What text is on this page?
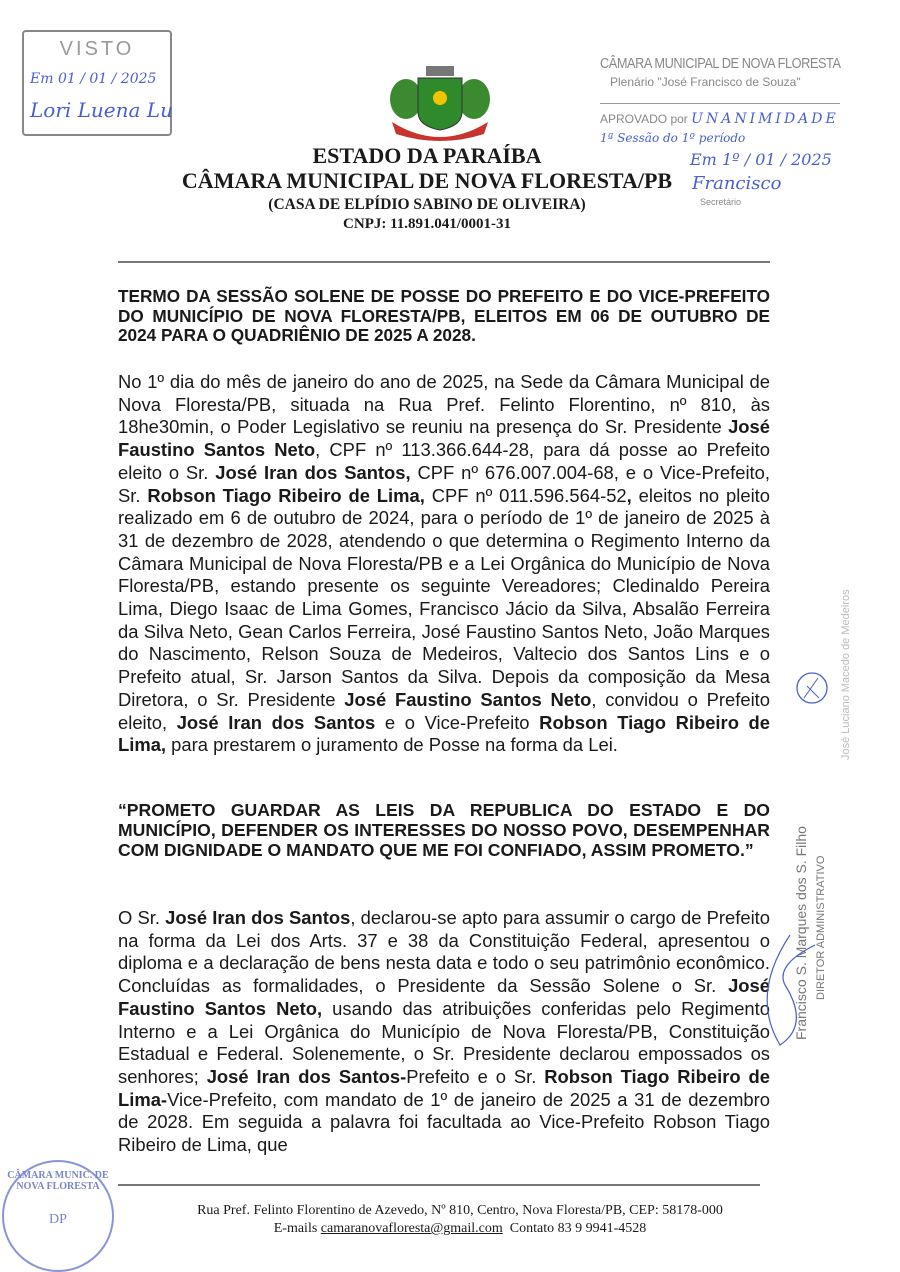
VISTO
Em 01 / 01 / 2025
Lori Luena Lu
ESTADO DA PARAÍBA
CÂMARA MUNICIPAL DE NOVA FLORESTA/PB
(CASA DE ELPÍDIO SABINO DE OLIVEIRA)
CNPJ: 11.891.041/0001-31
CÂMARA MUNICIPAL DE NOVA FLORESTA
Plenário "José Francisco de Souza"
APROVADO por UNANIMIDADE
1ª Sessão do 1º período
Em 1º / 01 / 2025
Francisco
Secretário
TERMO DA SESSÃO SOLENE DE POSSE DO PREFEITO E DO VICE-PREFEITO DO MUNICÍPIO DE NOVA FLORESTA/PB, ELEITOS EM 06 DE OUTUBRO DE 2024 PARA O QUADRIÊNIO DE 2025 A 2028.
No 1º dia do mês de janeiro do ano de 2025, na Sede da Câmara Municipal de Nova Floresta/PB, situada na Rua Pref. Felinto Florentino, nº 810, às 18he30min, o Poder Legislativo se reuniu na presença do Sr. Presidente José Faustino Santos Neto, CPF nº 113.366.644-28, para dá posse ao Prefeito eleito o Sr. José Iran dos Santos, CPF nº 676.007.004-68, e o Vice-Prefeito, Sr. Robson Tiago Ribeiro de Lima, CPF nº 011.596.564-52, eleitos no pleito realizado em 6 de outubro de 2024, para o período de 1º de janeiro de 2025 à 31 de dezembro de 2028, atendendo o que determina o Regimento Interno da Câmara Municipal de Nova Floresta/PB e a Lei Orgânica do Município de Nova Floresta/PB, estando presente os seguinte Vereadores; Cledinaldo Pereira Lima, Diego Isaac de Lima Gomes, Francisco Jácio da Silva, Absalão Ferreira da Silva Neto, Gean Carlos Ferreira, José Faustino Santos Neto, João Marques do Nascimento, Relson Souza de Medeiros, Valtecio dos Santos Lins e o Prefeito atual, Sr. Jarson Santos da Silva. Depois da composição da Mesa Diretora, o Sr. Presidente José Faustino Santos Neto, convidou o Prefeito eleito, José Iran dos Santos e o Vice-Prefeito Robson Tiago Ribeiro de Lima, para prestarem o juramento de Posse na forma da Lei.
“PROMETO GUARDAR AS LEIS DA REPUBLICA DO ESTADO E DO MUNICÍPIO, DEFENDER OS INTERESSES DO NOSSO POVO, DESEMPENHAR COM DIGNIDADE O MANDATO QUE ME FOI CONFIADO, ASSIM PROMETO.”
O Sr. José Iran dos Santos, declarou-se apto para assumir o cargo de Prefeito na forma da Lei dos Arts. 37 e 38 da Constituição Federal, apresentou o diploma e a declaração de bens nesta data e todo o seu patrimônio econômico. Concluídas as formalidades, o Presidente da Sessão Solene o Sr. José Faustino Santos Neto, usando das atribuições conferidas pelo Regimento Interno e a Lei Orgânica do Município de Nova Floresta/PB, Constituição Estadual e Federal. Solenemente, o Sr. Presidente declarou empossados os senhores; José Iran dos Santos-Prefeito e o Sr. Robson Tiago Ribeiro de Lima-Vice-Prefeito, com mandato de 1º de janeiro de 2025 a 31 de dezembro de 2028. Em seguida a palavra foi facultada ao Vice-Prefeito Robson Tiago Ribeiro de Lima, que
Francisco S. Marques dos S. Filho DIRETOR ADMINISTRATIVO
José Luciano Macedo de Medeiros
CÂMARA MUNIC. DE NOVA FLORESTA
DP
Rua Pref. Felinto Florentino de Azevedo, Nº 810, Centro, Nova Floresta/PB, CEP: 58178-000
E-mails camaranovafloresta@gmail.com Contato 83 9 9941-4528
